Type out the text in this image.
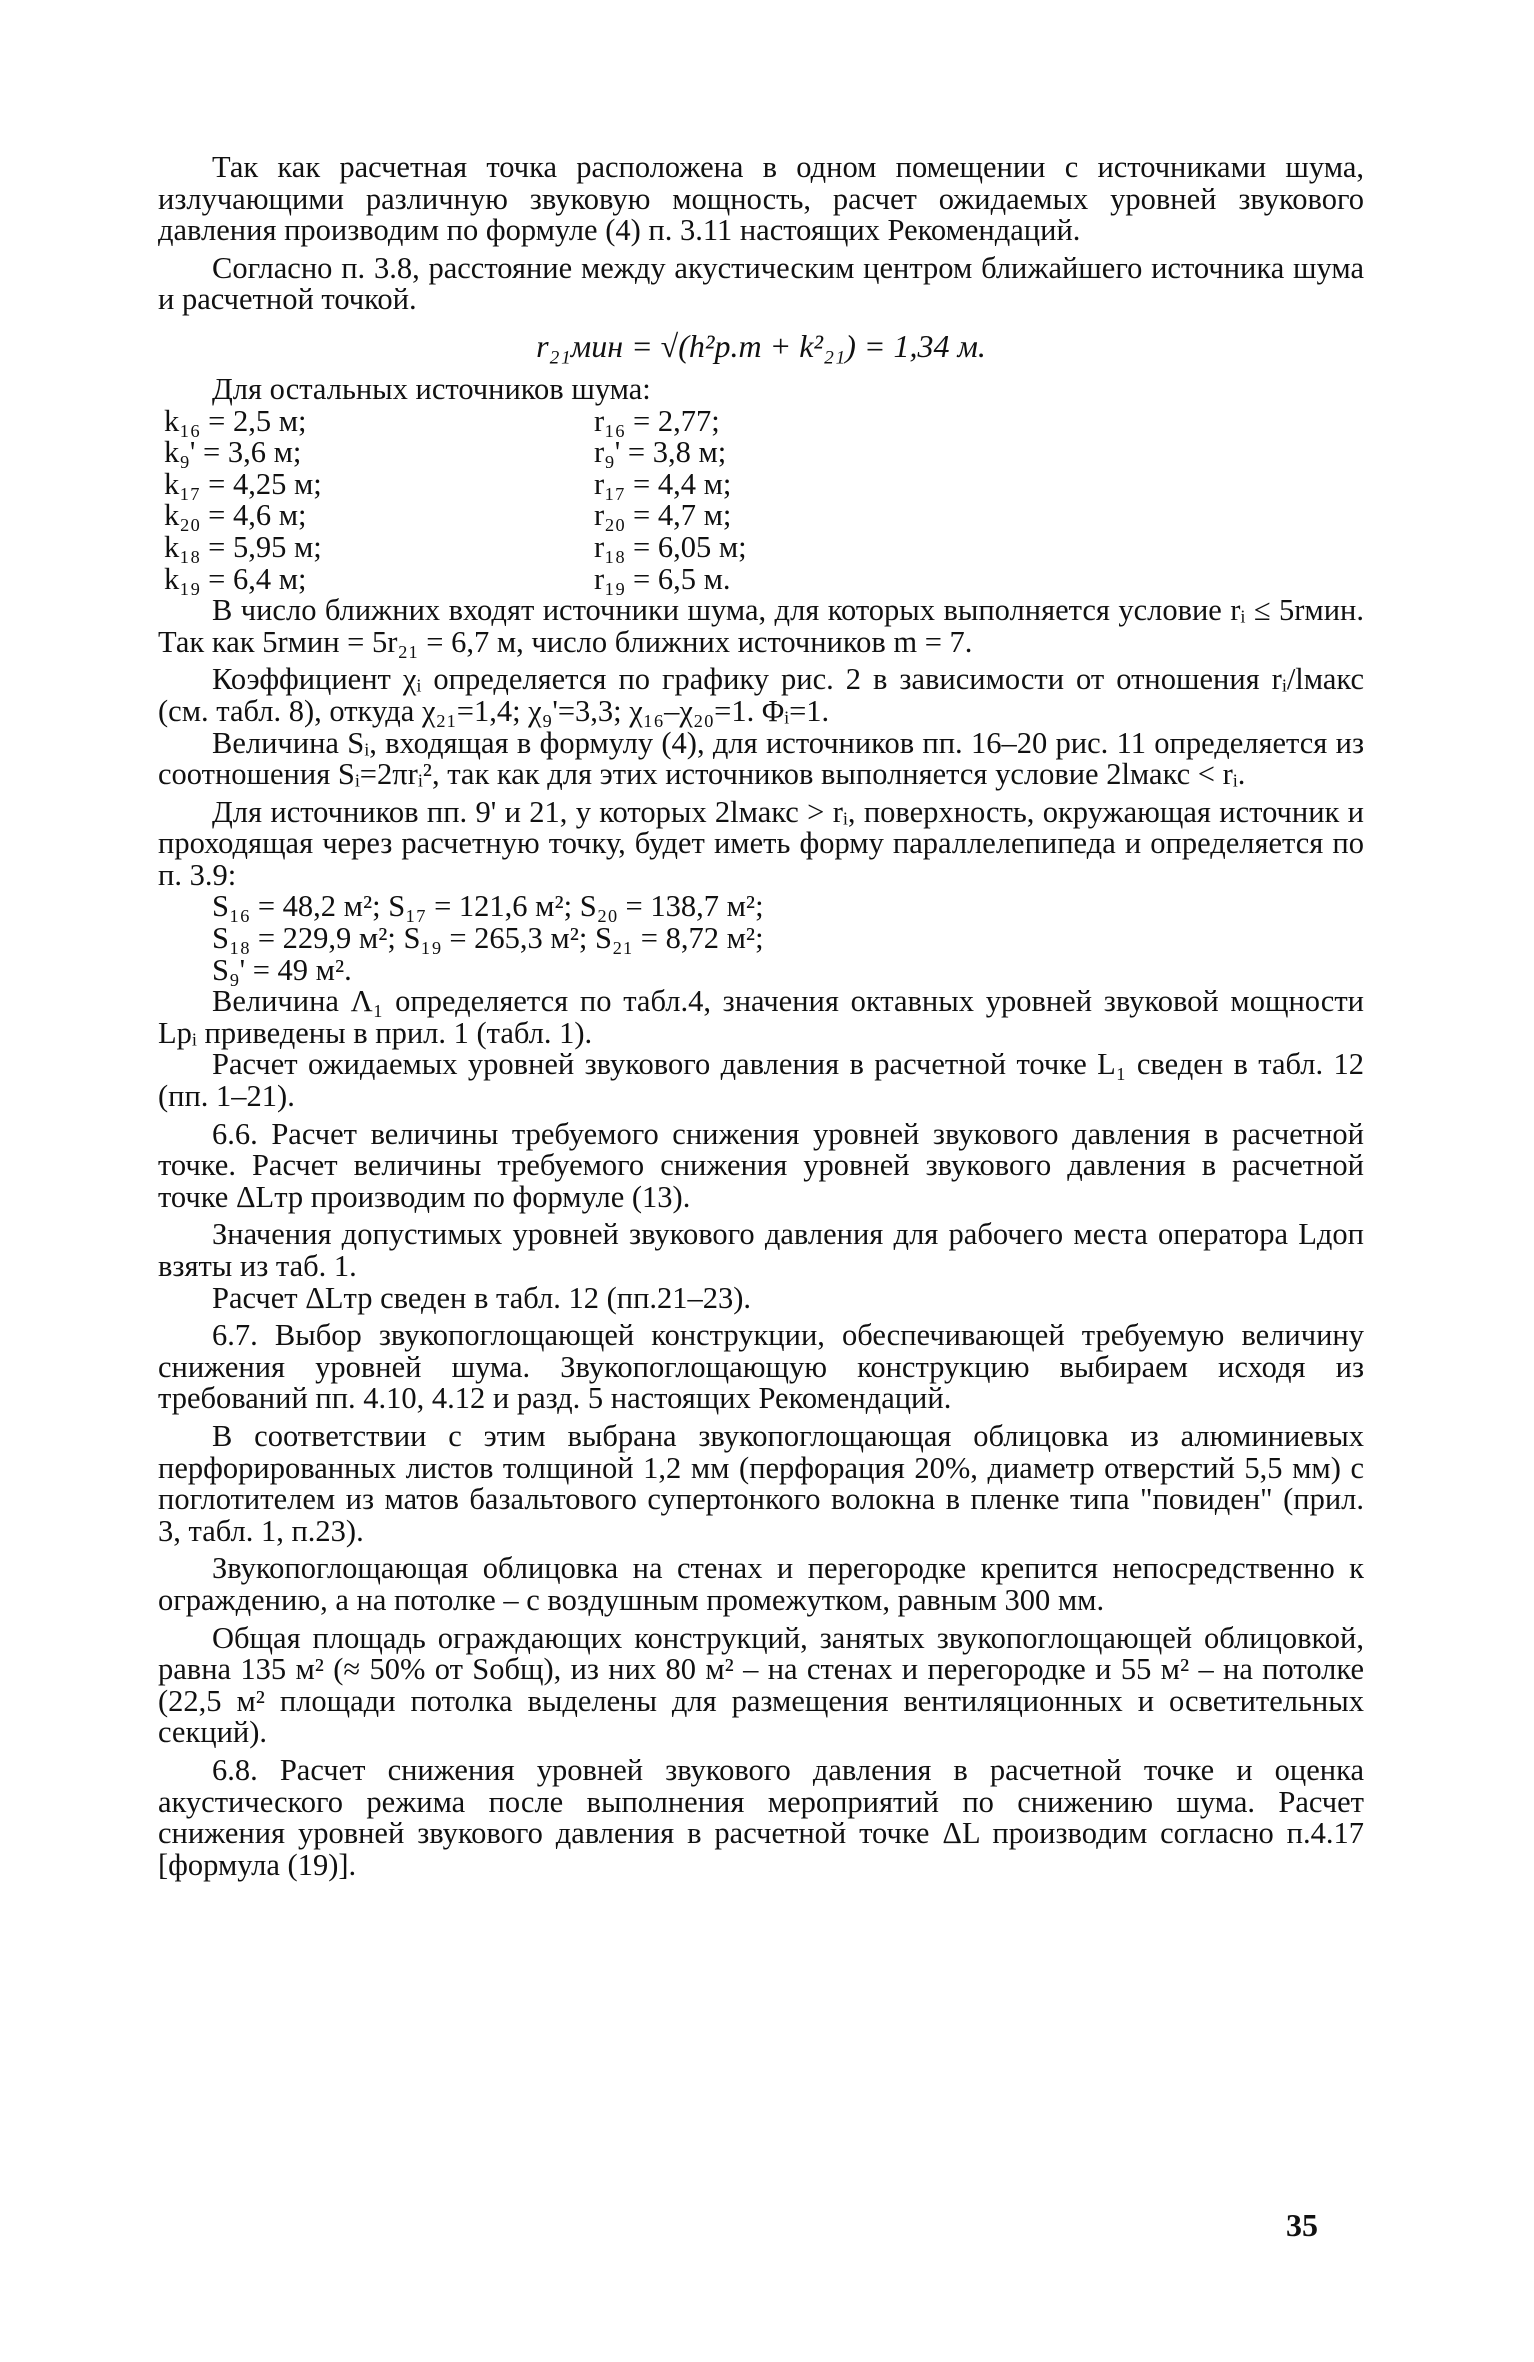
Так как расчетная точка расположена в одном помещении с источниками шума, излучающими различную звуковую мощность, расчет ожидаемых уровней звукового давления производим по формуле (4) п. 3.11 настоящих Рекомендаций.

Согласно п. 3.8, расстояние между акустическим центром ближайшего источника шума и расчетной точкой.

r₂₁мин = √(h²р.т + k²₂₁) = 1,34 м.

Для остальных источников шума:

k₁₆ = 2,5 м;	r₁₆ = 2,77;
k₉' = 3,6 м;	r₉' = 3,8 м;
k₁₇ = 4,25 м;	r₁₇ = 4,4 м;
k₂₀ = 4,6 м;	r₂₀ = 4,7 м;
k₁₈ = 5,95 м;	r₁₈ = 6,05 м;
k₁₉ = 6,4 м;	r₁₉ = 6,5 м.

В число ближних входят источники шума, для которых выполняется условие rᵢ ≤ 5rмин. Так как 5rмин = 5r₂₁ = 6,7 м, число ближних источников m = 7.

Коэффициент χᵢ определяется по графику рис. 2 в зависимости от отношения rᵢ/lмакс (см. табл. 8), откуда χ₂₁=1,4; χ₉'=3,3; χ₁₆–χ₂₀=1. Φᵢ=1.

Величина Sᵢ, входящая в формулу (4), для источников пп. 16–20 рис. 11 определяется из соотношения Sᵢ=2πrᵢ², так как для этих источников выполняется условие 2lмакс < rᵢ.

Для источников пп. 9' и 21, у которых 2lмакс > rᵢ, поверхность, окружающая источник и проходящая через расчетную точку, будет иметь форму параллелепипеда и определяется по п. 3.9:

S₁₆ = 48,2 м²; S₁₇ = 121,6 м²; S₂₀ = 138,7 м²;

S₁₈ = 229,9 м²; S₁₉ = 265,3 м²; S₂₁ = 8,72 м²;

S₉' = 49 м².

Величина Λ₁ определяется по табл.4, значения октавных уровней звуковой мощности Lpᵢ приведены в прил. 1 (табл. 1).

Расчет ожидаемых уровней звукового давления в расчетной точке L₁ сведен в табл. 12 (пп. 1–21).

6.6. Расчет величины требуемого снижения уровней звукового давления в расчетной точке. Расчет величины требуемого снижения уровней звукового давления в расчетной точке ΔLтр производим по формуле (13).

Значения допустимых уровней звукового давления для рабочего места оператора Lдоп взяты из таб. 1.

Расчет ΔLтр сведен в табл. 12 (пп.21–23).

6.7. Выбор звукопоглощающей конструкции, обеспечивающей требуемую величину снижения уровней шума. Звукопоглощающую конструкцию выбираем исходя из требований пп. 4.10, 4.12 и разд. 5 настоящих Рекомендаций.

В соответствии с этим выбрана звукопоглощающая облицовка из алюминиевых перфорированных листов толщиной 1,2 мм (перфорация 20%, диаметр отверстий 5,5 мм) с поглотителем из матов базальтового супертонкого волокна в пленке типа "повиден" (прил. 3, табл. 1, п.23).

Звукопоглощающая облицовка на стенах и перегородке крепится непосредственно к ограждению, а на потолке – с воздушным промежутком, равным 300 мм.

Общая площадь ограждающих конструкций, занятых звукопоглощающей облицовкой, равна 135 м² (≈ 50% от Sобщ), из них 80 м² – на стенах и перегородке и 55 м² – на потолке (22,5 м² площади потолка выделены для размещения вентиляционных и осветительных секций).

6.8. Расчет снижения уровней звукового давления в расчетной точке и оценка акустического режима после выполнения мероприятий по снижению шума. Расчет снижения уровней звукового давления в расчетной точке ΔL производим согласно п.4.17 [формула (19)].

35
